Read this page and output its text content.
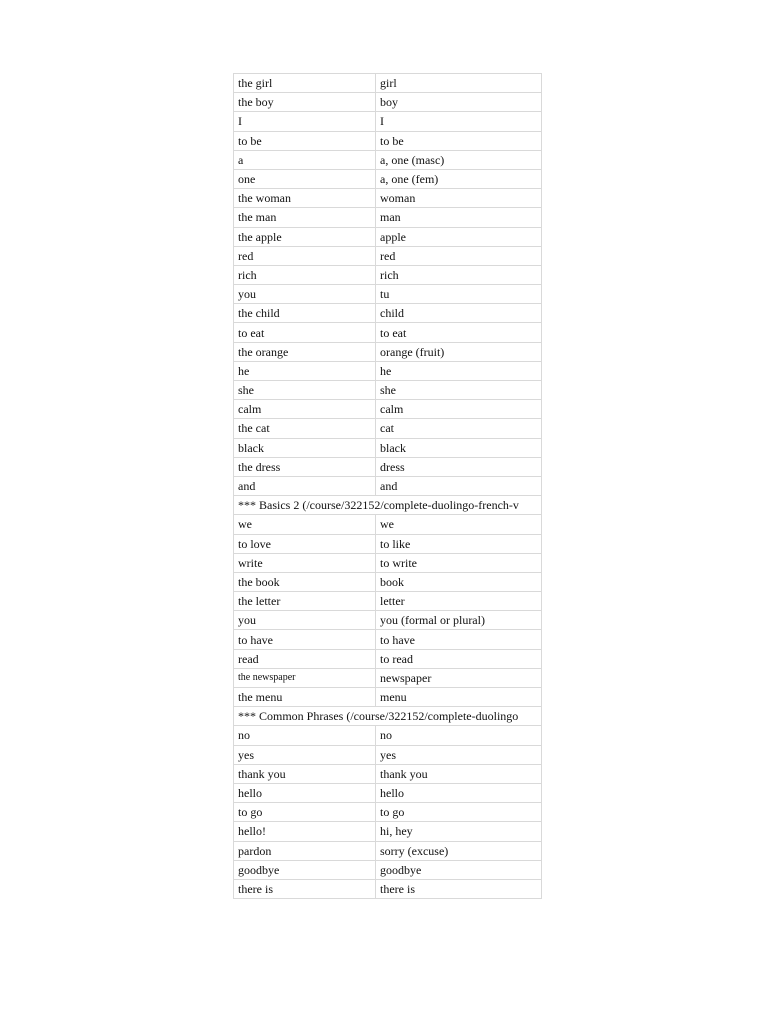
the girl	girl
the boy	boy
I	I
to be	to be
a	a, one (masc)
one	a, one (fem)
the woman	woman
the man	man
the apple	apple
red	red
rich	rich
you	tu
the child	child
to eat	to eat
the orange	orange (fruit)
he	he
she	she
calm	calm
the cat	cat
black	black
the dress	dress
and	and
*** Basics 2 (/course/322152/complete-duolingo-french-v	
we	we
to love	to like
write	to write
the book	book
the letter	letter
you	you (formal or plural)
to have	to have
read	to read
the newspaper	newspaper
the menu	menu
*** Common Phrases (/course/322152/complete-duolingo	
no	no
yes	yes
thank you	thank you
hello	hello
to go	to go
hello!	hi, hey
pardon	sorry (excuse)
goodbye	goodbye
there is	there is
